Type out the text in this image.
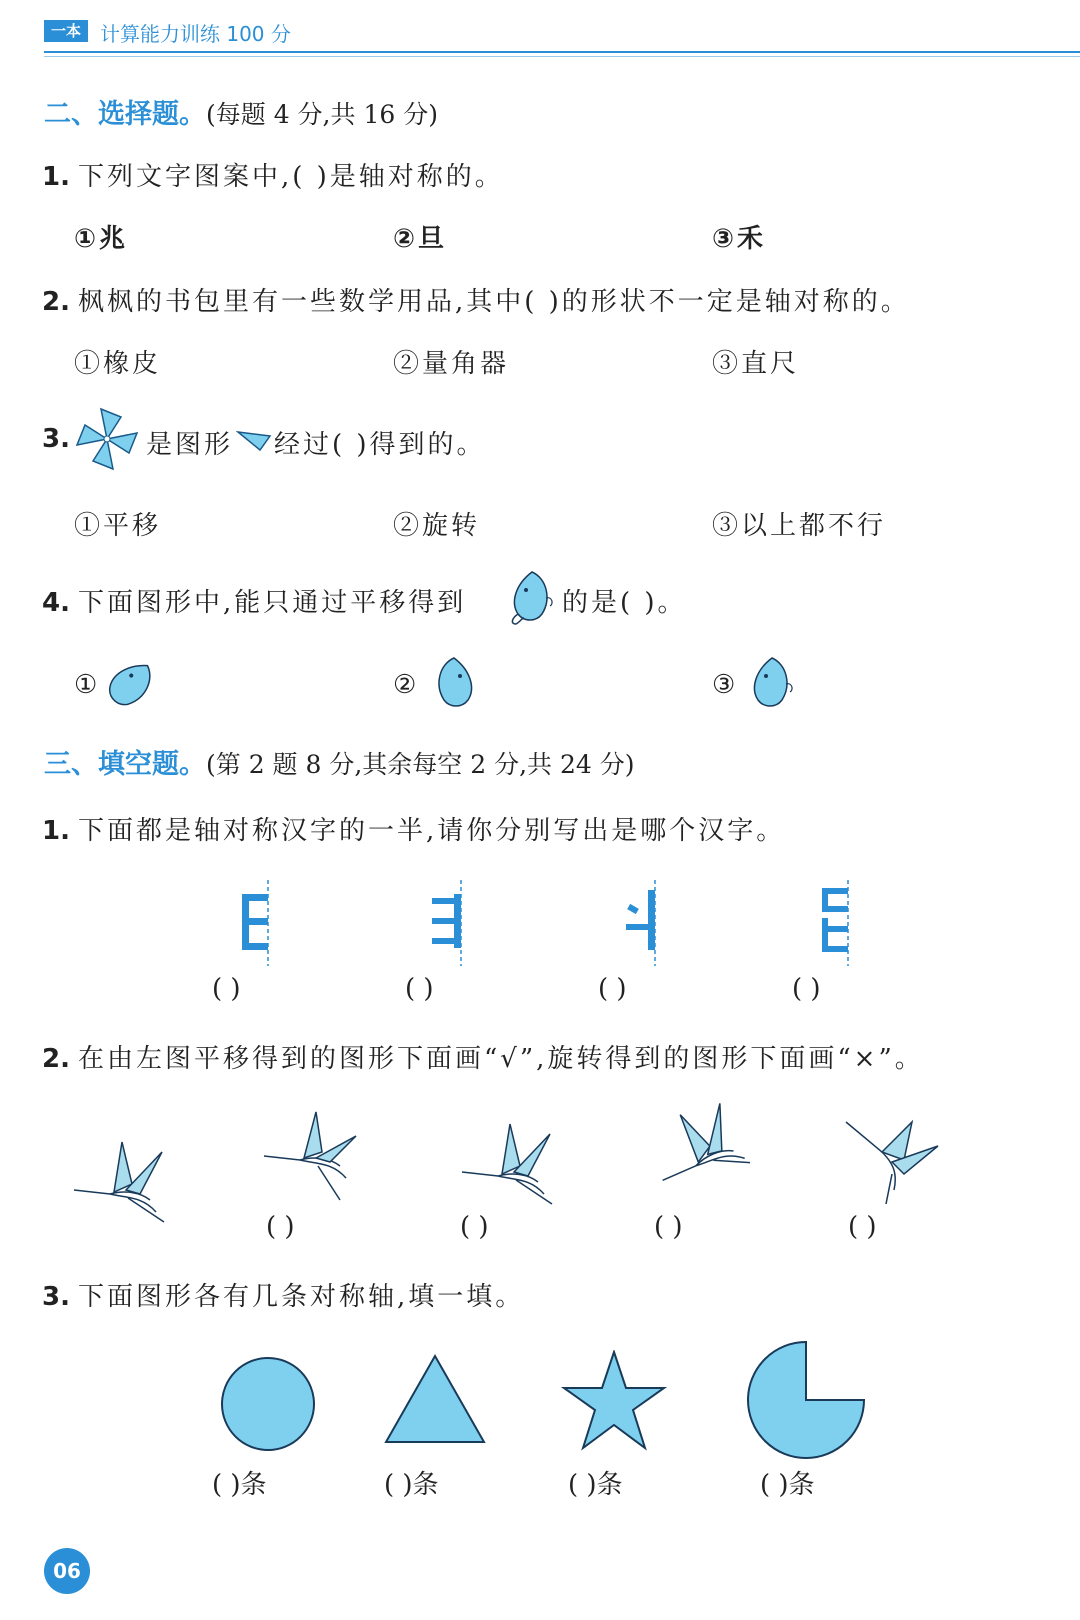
一本 计算能力训练 100 分
二、选择题。(每题 4 分,共 16 分)
1. 下列文字图案中,( )是轴对称的。
①兆	②旦	③禾
2. 枫枫的书包里有一些数学用品,其中( )的形状不一定是轴对称的。
①橡皮	②量角器	③直尺
3.	是图形 经过( )得到的。
①平移	②旋转	③以上都不行
4. 下面图形中,能只通过平移得到	的是( )。
①	②	③
三、填空题。(第 2 题 8 分,其余每空 2 分,共 24 分)
1. 下面都是轴对称汉字的一半,请你分别写出是哪个汉字。
( )	( )	( )	( )
2. 在由左图平移得到的图形下面画“√”,旋转得到的图形下面画“×”。
( )	( )	( )	( )
3. 下面图形各有几条对称轴,填一填。
( )条	( )条	( )条	( )条
06
